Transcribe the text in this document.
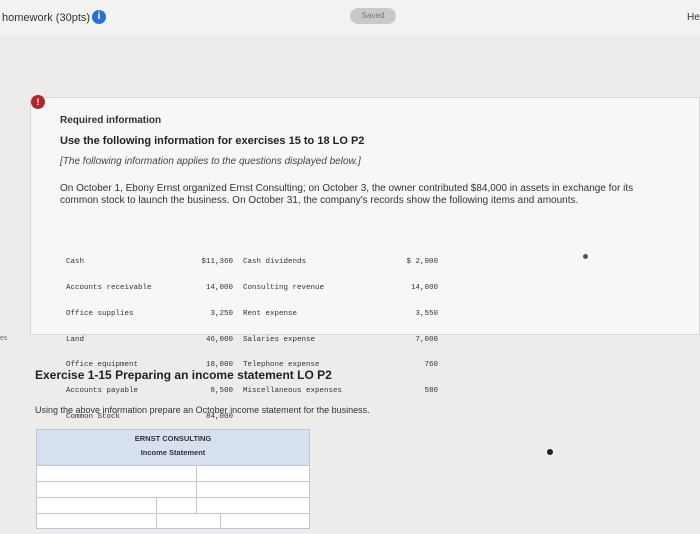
homework (30pts) i	Saved	He
!
Required information
Use the following information for exercises 15 to 18 LO P2
[The following information applies to the questions displayed below.]
On October 1, Ebony Ernst organized Ernst Consulting; on October 3, the owner contributed $84,000 in assets in exchange for its common stock to launch the business. On October 31, the company's records show the following items and amounts.

Cash

Accounts receivable

Office supplies

Land

Office equipment

Accounts payable

Common Stock

$11,360

14,000

3,250

46,000

18,000

8,500

84,000

Cash dividends

Consulting revenue

Rent expense

Salaries expense

Telephone expense

Miscellaneous expenses

$ 2,000

14,000

3,550

7,000

760

580

es
Exercise 1-15 Preparing an income statement LO P2
Using the above information prepare an October income statement for the business.
ERNST CONSULTING
Income Statement
